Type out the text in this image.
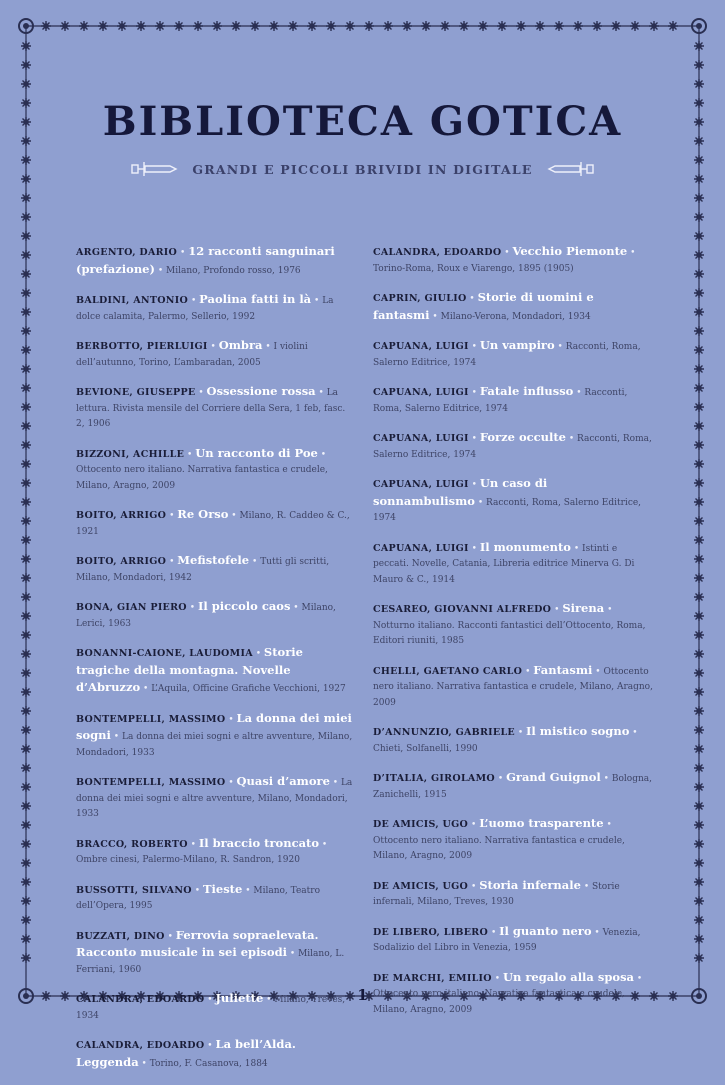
BIBLIOTECA GOTICA
GRANDI E PICCOLI BRIVIDI IN DIGITALE

ARGENTO, DARIO • 12 racconti sanguinari (prefazione) • Milano, Profondo rosso, 1976

BALDINI, ANTONIO • Paolina fatti in là • La dolce calamita, Palermo, Sellerio, 1992

BERBOTTO, PIERLUIGI • Ombra • I violini dell’autunno, Torino, L’ambaradan, 2005

BEVIONE, GIUSEPPE • Ossessione rossa • La lettura. Rivista mensile del Corriere della Sera, 1 feb, fasc. 2, 1906

BIZZONI, ACHILLE • Un racconto di Poe • Ottocento nero italiano. Narrativa fantastica e crudele, Milano, Aragno, 2009

BOITO, ARRIGO • Re Orso • Milano, R. Caddeo & C., 1921

BOITO, ARRIGO • Mefistofele • Tutti gli scritti, Milano, Mondadori, 1942

BONA, GIAN PIERO • Il piccolo caos • Milano, Lerici, 1963

BONANNI-CAIONE, LAUDOMIA • Storie tragiche della montagna. Novelle d’Abruzzo • L’Aquila, Officine Grafiche Vecchioni, 1927

BONTEMPELLI, MASSIMO • La donna dei miei sogni • La donna dei miei sogni e altre avventure, Milano, Mondadori, 1933

BONTEMPELLI, MASSIMO • Quasi d’amore • La donna dei miei sogni e altre avventure, Milano, Mondadori, 1933

BRACCO, ROBERTO • Il braccio troncato • Ombre cinesi, Palermo-Milano, R. Sandron, 1920

BUSSOTTI, SILVANO • Tieste • Milano, Teatro dell’Opera, 1995

BUZZATI, DINO • Ferrovia sopraelevata. Racconto musicale in sei episodi • Milano, L. Ferriani, 1960

CALANDRA, EDOARDO • Juliette • Milano, Treves, 1934

CALANDRA, EDOARDO • La bell’Alda. Leggenda • Torino, F. Casanova, 1884

CALANDRA, EDOARDO • Vecchio Piemonte • Torino-Roma, Roux e Viarengo, 1895 (1905)

CAPRIN, GIULIO • Storie di uomini e fantasmi • Milano-Verona, Mondadori, 1934

CAPUANA, LUIGI • Un vampiro • Racconti, Roma, Salerno Editrice, 1974

CAPUANA, LUIGI • Fatale influsso • Racconti, Roma, Salerno Editrice, 1974

CAPUANA, LUIGI • Forze occulte • Racconti, Roma, Salerno Editrice, 1974

CAPUANA, LUIGI • Un caso di sonnambulismo • Racconti, Roma, Salerno Editrice, 1974

CAPUANA, LUIGI • Il monumento • Istinti e peccati. Novelle, Catania, Libreria editrice Minerva G. Di Mauro & C., 1914

CESAREO, GIOVANNI ALFREDO • Sirena • Notturno italiano. Racconti fantastici dell’Ottocento, Roma, Editori riuniti, 1985

CHELLI, GAETANO CARLO • Fantasmi • Ottocento nero italiano. Narrativa fantastica e crudele, Milano, Aragno, 2009

D’ANNUNZIO, GABRIELE • Il mistico sogno • Chieti, Solfanelli, 1990

D’ITALIA, GIROLAMO • Grand Guignol • Bologna, Zanichelli, 1915

DE AMICIS, UGO • L’uomo trasparente • Ottocento nero italiano. Narrativa fantastica e crudele, Milano, Aragno, 2009

DE AMICIS, UGO • Storia infernale • Storie infernali, Milano, Treves, 1930

DE LIBERO, LIBERO • Il guanto nero • Venezia, Sodalizio del Libro in Venezia, 1959

DE MARCHI, EMILIO • Un regalo alla sposa • Ottocento nero italiano. Narrativa fantastica e crudele, Milano, Aragno, 2009

1
